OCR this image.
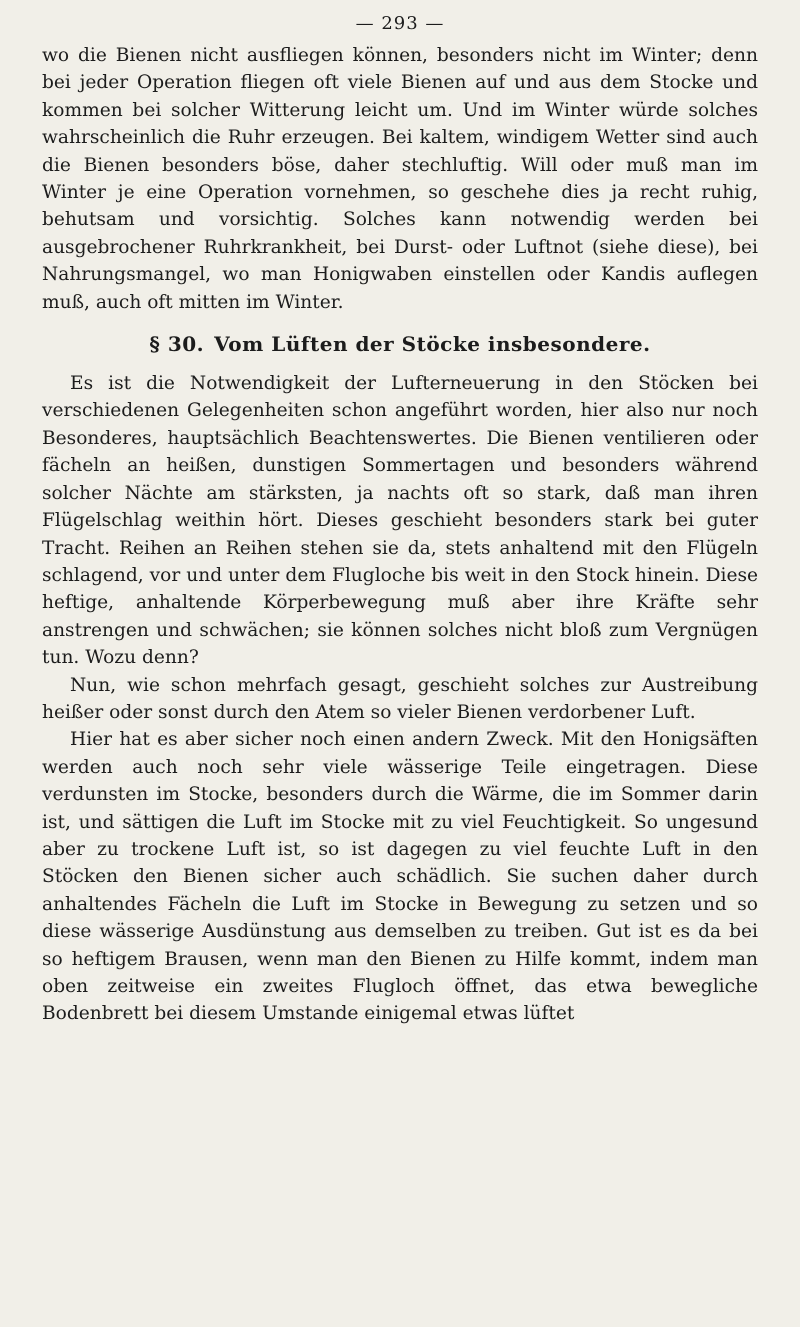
— 293 —

wo die Bienen nicht ausfliegen können, besonders nicht im Winter; denn bei jeder Operation fliegen oft viele Bienen auf und aus dem Stocke und kommen bei solcher Witterung leicht um. Und im Winter würde solches wahrscheinlich die Ruhr erzeugen. Bei kaltem, windigem Wetter sind auch die Bienen besonders böse, daher stechluftig. Will oder muß man im Winter je eine Operation vornehmen, so geschehe dies ja recht ruhig, behutsam und vorsichtig. Solches kann notwendig werden bei ausgebrochener Ruhrkrankheit, bei Durst- oder Luftnot (siehe diese), bei Nahrungsmangel, wo man Honigwaben einstellen oder Kandis auflegen muß, auch oft mitten im Winter.

§ 30. Vom Lüften der Stöcke insbesondere.

Es ist die Notwendigkeit der Lufterneuerung in den Stöcken bei verschiedenen Gelegenheiten schon angeführt worden, hier also nur noch Besonderes, hauptsächlich Beachtenswertes. Die Bienen ventilieren oder fächeln an heißen, dunstigen Sommertagen und besonders während solcher Nächte am stärksten, ja nachts oft so stark, daß man ihren Flügelschlag weithin hört. Dieses geschieht besonders stark bei guter Tracht. Reihen an Reihen stehen sie da, stets anhaltend mit den Flügeln schlagend, vor und unter dem Flugloche bis weit in den Stock hinein. Diese heftige, anhaltende Körperbewegung muß aber ihre Kräfte sehr anstrengen und schwächen; sie können solches nicht bloß zum Vergnügen tun. Wozu denn?

Nun, wie schon mehrfach gesagt, geschieht solches zur Austreibung heißer oder sonst durch den Atem so vieler Bienen verdorbener Luft.

Hier hat es aber sicher noch einen andern Zweck. Mit den Honigsäften werden auch noch sehr viele wässerige Teile eingetragen. Diese verdunsten im Stocke, besonders durch die Wärme, die im Sommer darin ist, und sättigen die Luft im Stocke mit zu viel Feuchtigkeit. So ungesund aber zu trockene Luft ist, so ist dagegen zu viel feuchte Luft in den Stöcken den Bienen sicher auch schädlich. Sie suchen daher durch anhaltendes Fächeln die Luft im Stocke in Bewegung zu setzen und so diese wässerige Ausdünstung aus demselben zu treiben. Gut ist es da bei so heftigem Brausen, wenn man den Bienen zu Hilfe kommt, indem man oben zeitweise ein zweites Flugloch öffnet, das etwa bewegliche Bodenbrett bei diesem Umstande einigemal etwas lüftet
